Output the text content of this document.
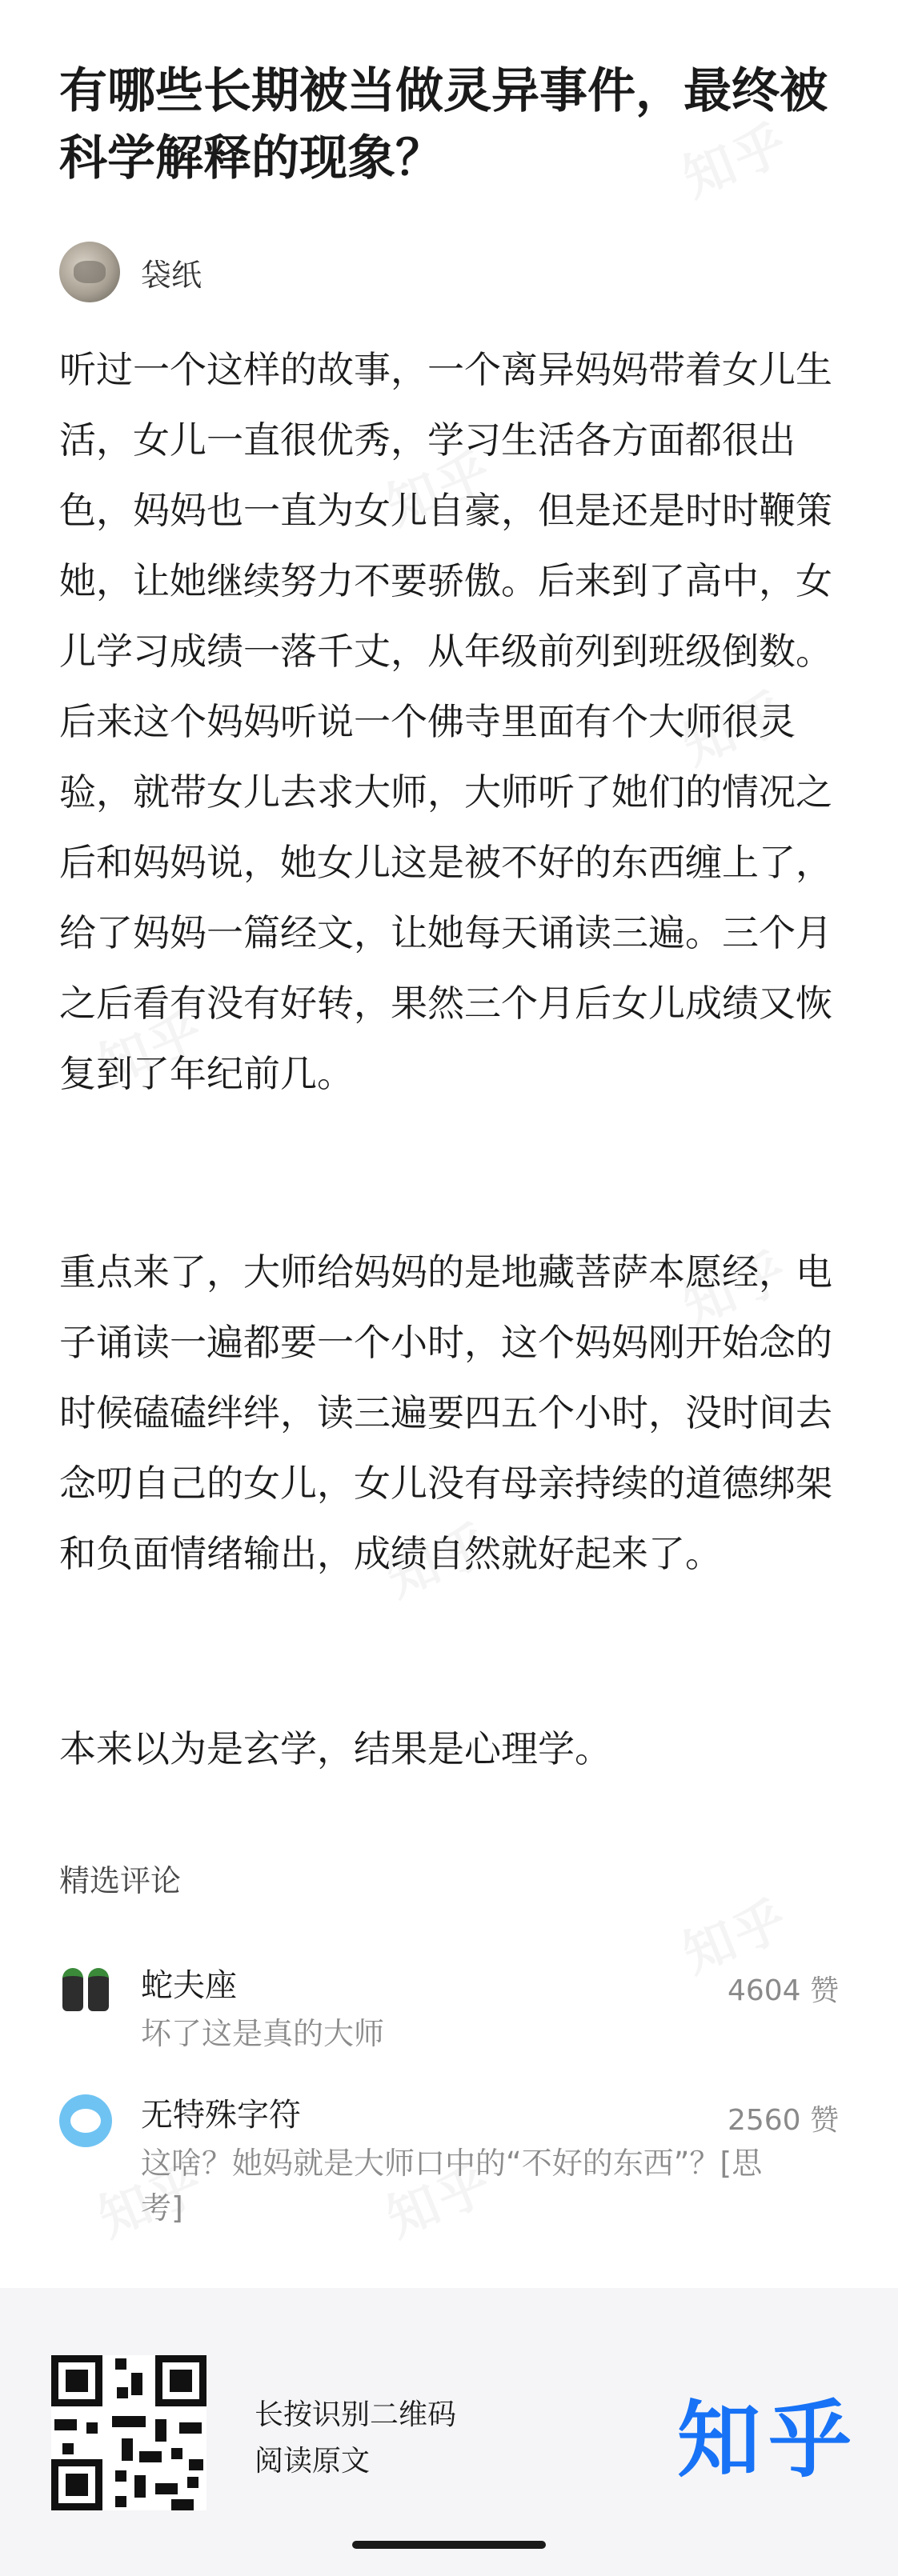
有哪些长期被当做灵异事件，最终被科学解释的现象？
袋纸

听过一个这样的故事，一个离异妈妈带着女儿生活，女儿一直很优秀，学习生活各方面都很出色，妈妈也一直为女儿自豪，但是还是时时鞭策她，让她继续努力不要骄傲。后来到了高中，女儿学习成绩一落千丈，从年级前列到班级倒数。后来这个妈妈听说一个佛寺里面有个大师很灵验，就带女儿去求大师，大师听了她们的情况之后和妈妈说，她女儿这是被不好的东西缠上了，给了妈妈一篇经文，让她每天诵读三遍。三个月之后看有没有好转，果然三个月后女儿成绩又恢复到了年纪前几。

重点来了，大师给妈妈的是地藏菩萨本愿经，电子诵读一遍都要一个小时，这个妈妈刚开始念的时候磕磕绊绊，读三遍要四五个小时，没时间去念叨自己的女儿，女儿没有母亲持续的道德绑架和负面情绪输出，成绩自然就好起来了。

本来以为是玄学，结果是心理学。

精选评论
蛇夫座
坏了这是真的大师
4604 赞
无特殊字符
这啥？她妈就是大师口中的“不好的东西”？[思考]
2560 赞
长按识别二维码
阅读原文	知乎
